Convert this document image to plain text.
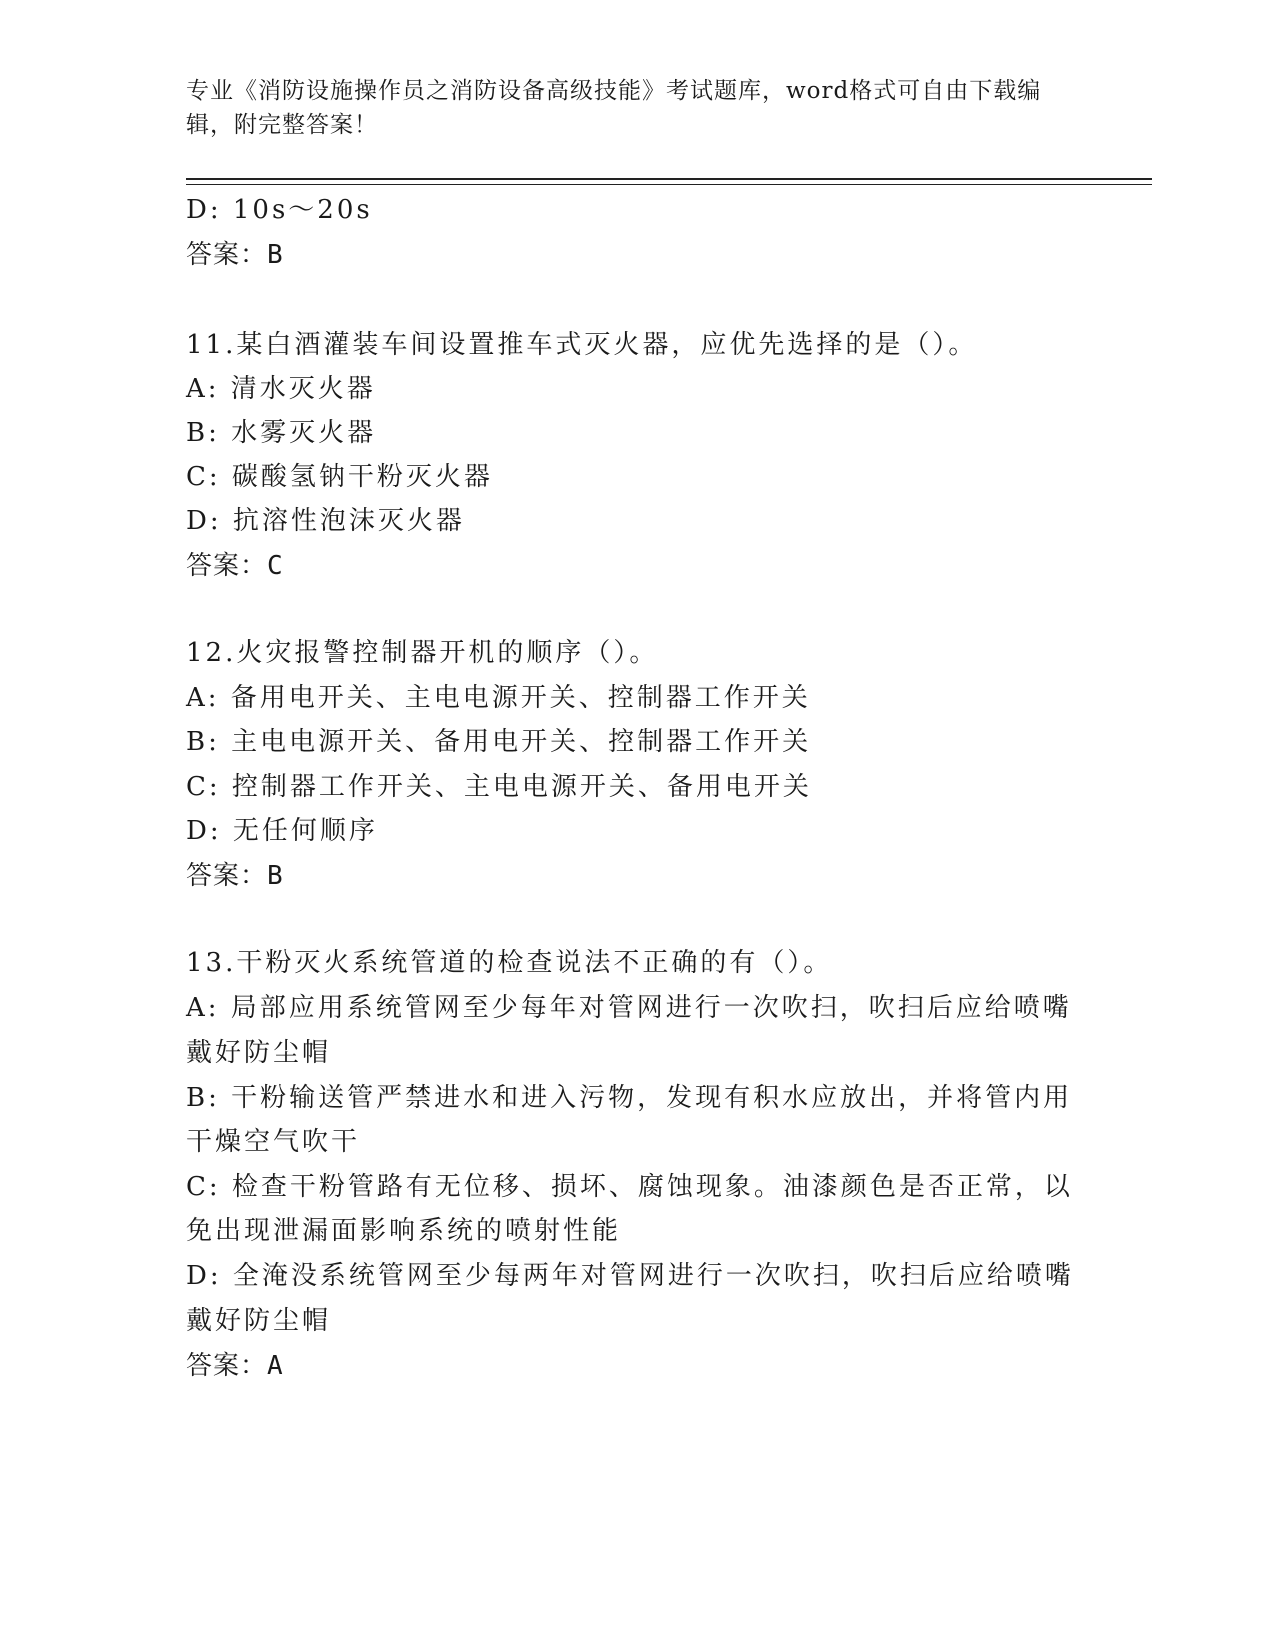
专业《消防设施操作员之消防设备高级技能》考试题库，word格式可自由下载编
辑，附完整答案！
D: 10s～20s
答案：B
11.某白酒灌装车间设置推车式灭火器，应优先选择的是（）。
A: 清水灭火器
B: 水雾灭火器
C: 碳酸氢钠干粉灭火器
D: 抗溶性泡沫灭火器
答案：C
12.火灾报警控制器开机的顺序（）。
A: 备用电开关、主电电源开关、控制器工作开关
B: 主电电源开关、备用电开关、控制器工作开关
C: 控制器工作开关、主电电源开关、备用电开关
D: 无任何顺序
答案：B
13.干粉灭火系统管道的检查说法不正确的有（）。
A: 局部应用系统管网至少每年对管网进行一次吹扫，吹扫后应给喷嘴
戴好防尘帽
B: 干粉输送管严禁进水和进入污物，发现有积水应放出，并将管内用
干燥空气吹干
C: 检查干粉管路有无位移、损坏、腐蚀现象。油漆颜色是否正常，以
免出现泄漏面影响系统的喷射性能
D: 全淹没系统管网至少每两年对管网进行一次吹扫，吹扫后应给喷嘴
戴好防尘帽
答案：A
